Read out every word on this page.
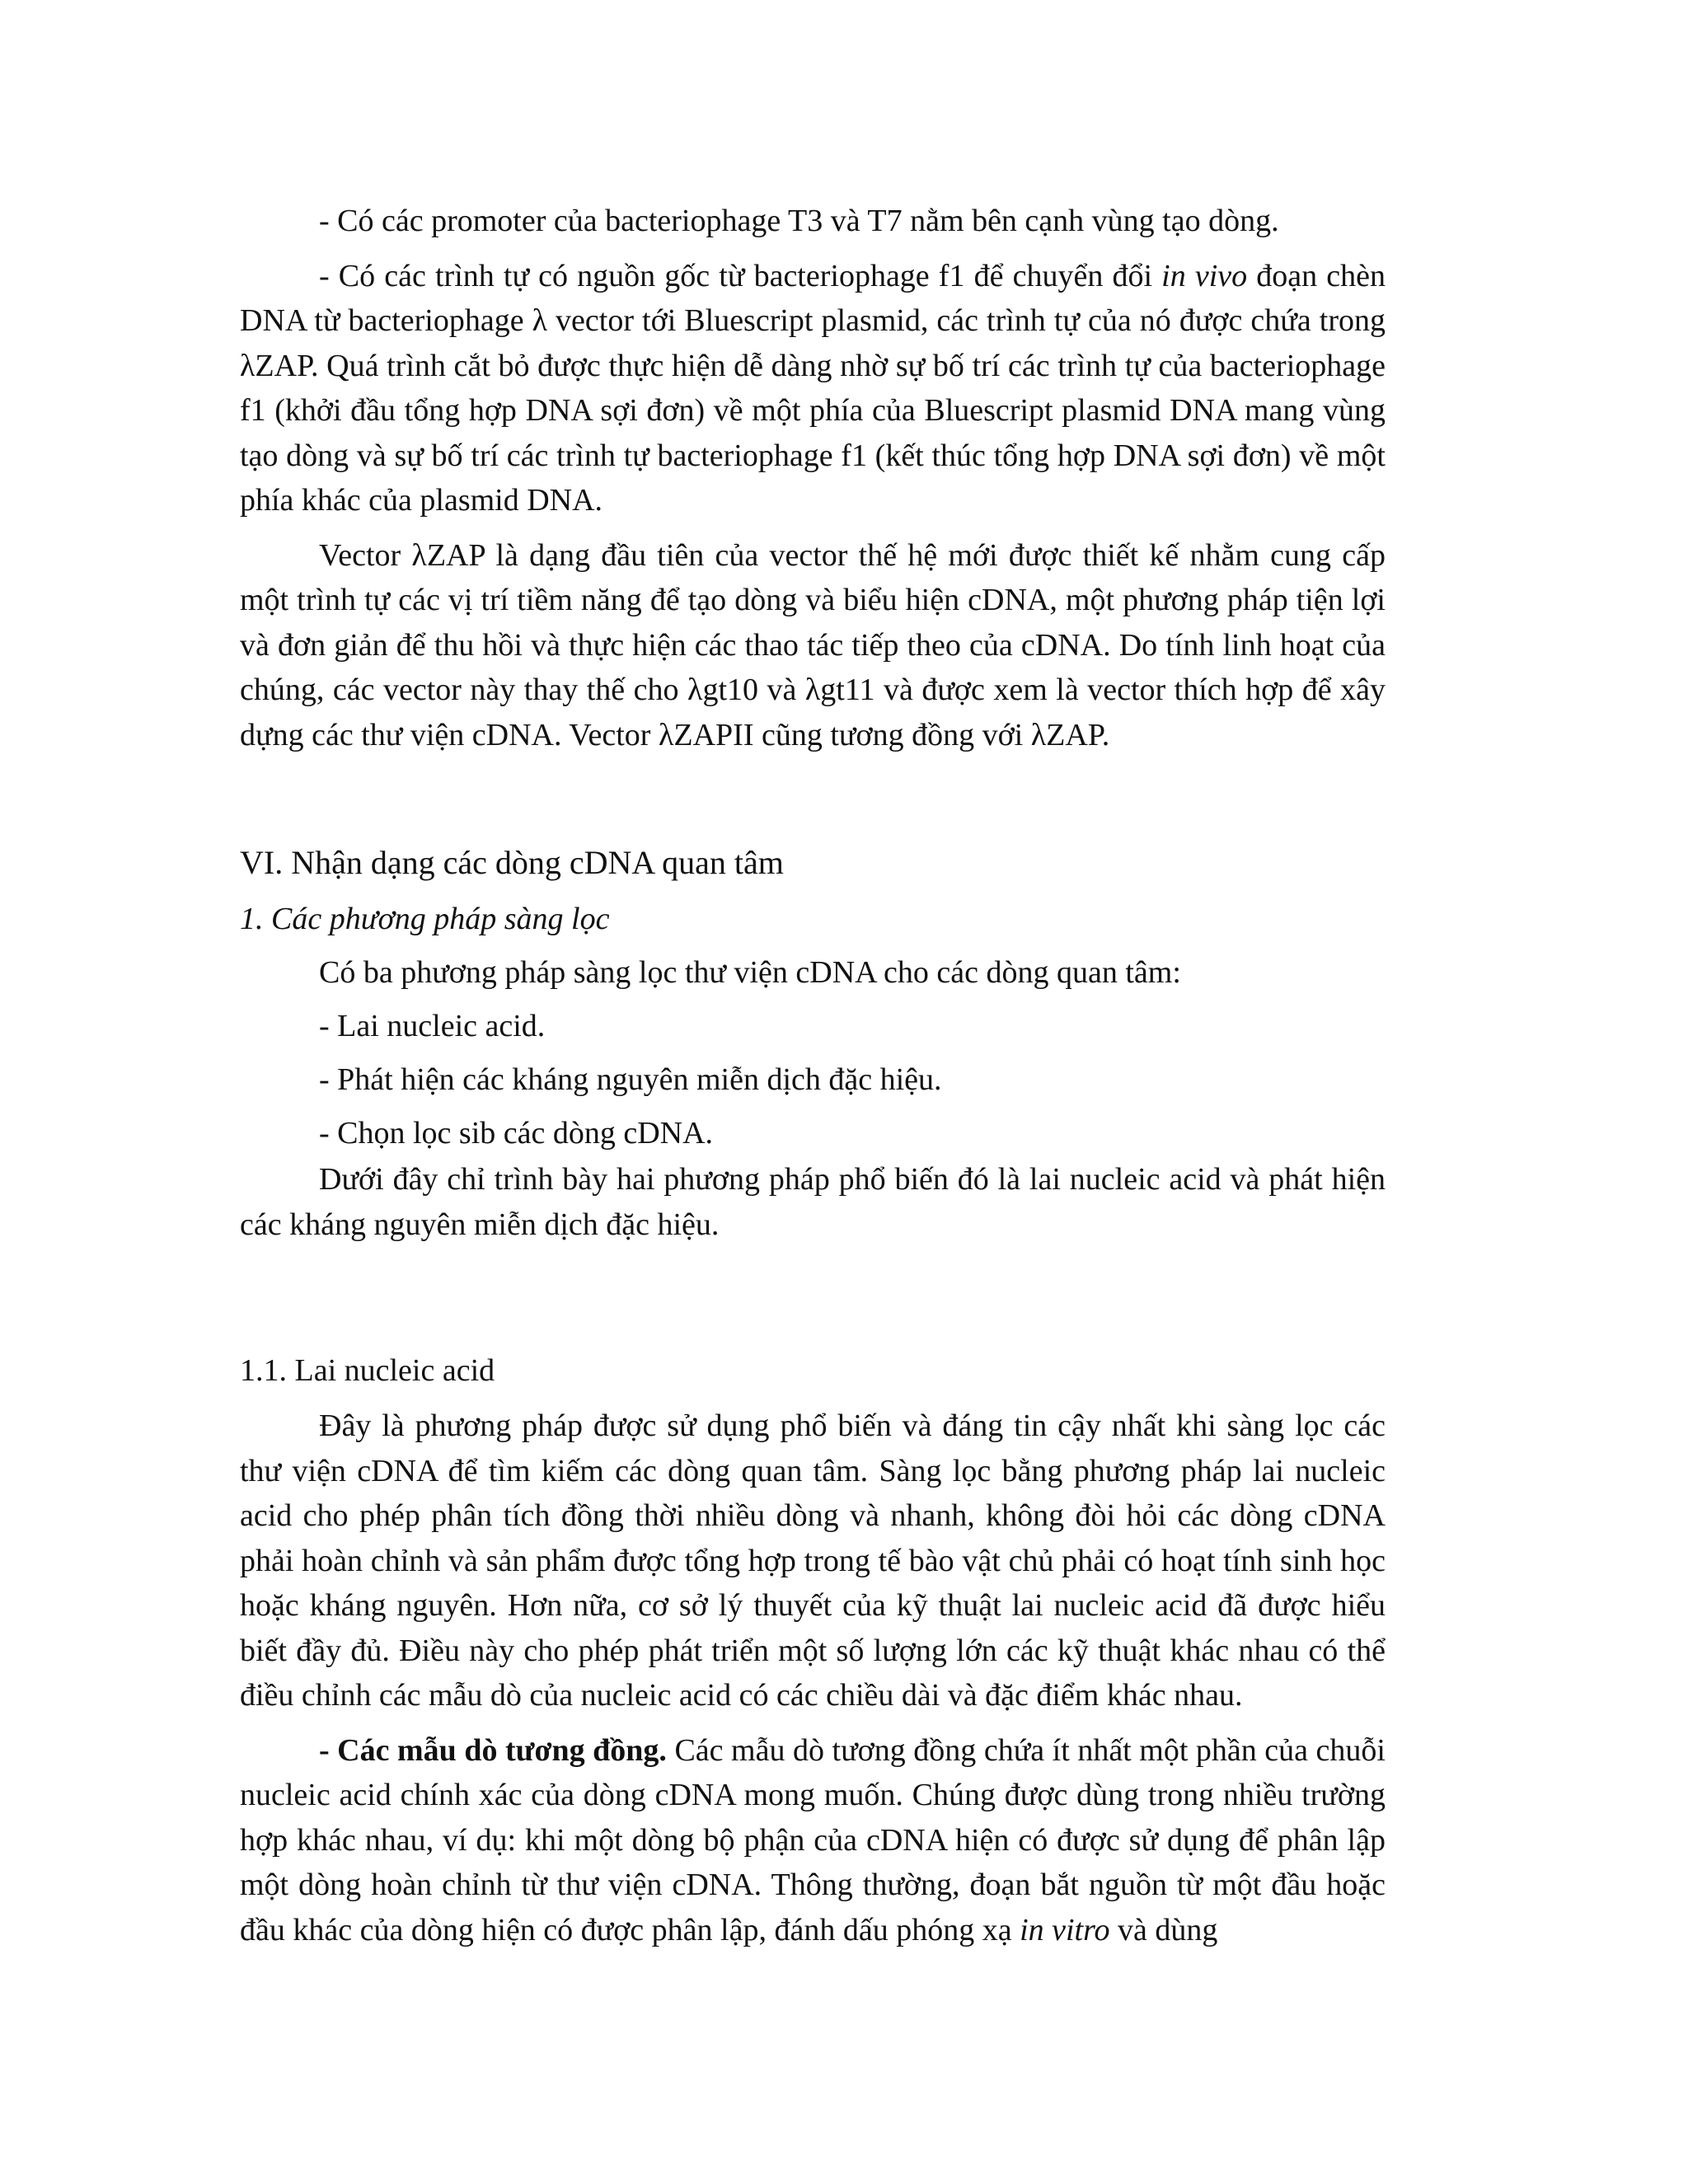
- Có các promoter của bacteriophage T3 và T7 nằm bên cạnh vùng tạo dòng.

- Có các trình tự có nguồn gốc từ bacteriophage f1 để chuyển đổi in vivo đoạn chèn DNA từ bacteriophage λ vector tới Bluescript plasmid, các trình tự của nó được chứa trong λZAP. Quá trình cắt bỏ được thực hiện dễ dàng nhờ sự bố trí các trình tự của bacteriophage f1 (khởi đầu tổng hợp DNA sợi đơn) về một phía của Bluescript plasmid DNA mang vùng tạo dòng và sự bố trí các trình tự bacteriophage f1 (kết thúc tổng hợp DNA sợi đơn) về một phía khác của plasmid DNA.

Vector λZAP là dạng đầu tiên của vector thế hệ mới được thiết kế nhằm cung cấp một trình tự các vị trí tiềm năng để tạo dòng và biểu hiện cDNA, một phương pháp tiện lợi và đơn giản để thu hồi và thực hiện các thao tác tiếp theo của cDNA. Do tính linh hoạt của chúng, các vector này thay thế cho λgt10 và λgt11 và được xem là vector thích hợp để xây dựng các thư viện cDNA. Vector λZAPII cũng tương đồng với λZAP.

VI. Nhận dạng các dòng cDNA quan tâm
1. Các phương pháp sàng lọc

Có ba phương pháp sàng lọc thư viện cDNA cho các dòng quan tâm:

- Lai nucleic acid.

- Phát hiện các kháng nguyên miễn dịch đặc hiệu.

- Chọn lọc sib các dòng cDNA.

Dưới đây chỉ trình bày hai phương pháp phổ biến đó là lai nucleic acid và phát hiện các kháng nguyên miễn dịch đặc hiệu.

1.1. Lai nucleic acid

Đây là phương pháp được sử dụng phổ biến và đáng tin cậy nhất khi sàng lọc các thư viện cDNA để tìm kiếm các dòng quan tâm. Sàng lọc bằng phương pháp lai nucleic acid cho phép phân tích đồng thời nhiều dòng và nhanh, không đòi hỏi các dòng cDNA phải hoàn chỉnh và sản phẩm được tổng hợp trong tế bào vật chủ phải có hoạt tính sinh học hoặc kháng nguyên. Hơn nữa, cơ sở lý thuyết của kỹ thuật lai nucleic acid đã được hiểu biết đầy đủ. Điều này cho phép phát triển một số lượng lớn các kỹ thuật khác nhau có thể điều chỉnh các mẫu dò của nucleic acid có các chiều dài và đặc điểm khác nhau.

- Các mẫu dò tương đồng. Các mẫu dò tương đồng chứa ít nhất một phần của chuỗi nucleic acid chính xác của dòng cDNA mong muốn. Chúng được dùng trong nhiều trường hợp khác nhau, ví dụ: khi một dòng bộ phận của cDNA hiện có được sử dụng để phân lập một dòng hoàn chỉnh từ thư viện cDNA. Thông thường, đoạn bắt nguồn từ một đầu hoặc đầu khác của dòng hiện có được phân lập, đánh dấu phóng xạ in vitro và dùng
